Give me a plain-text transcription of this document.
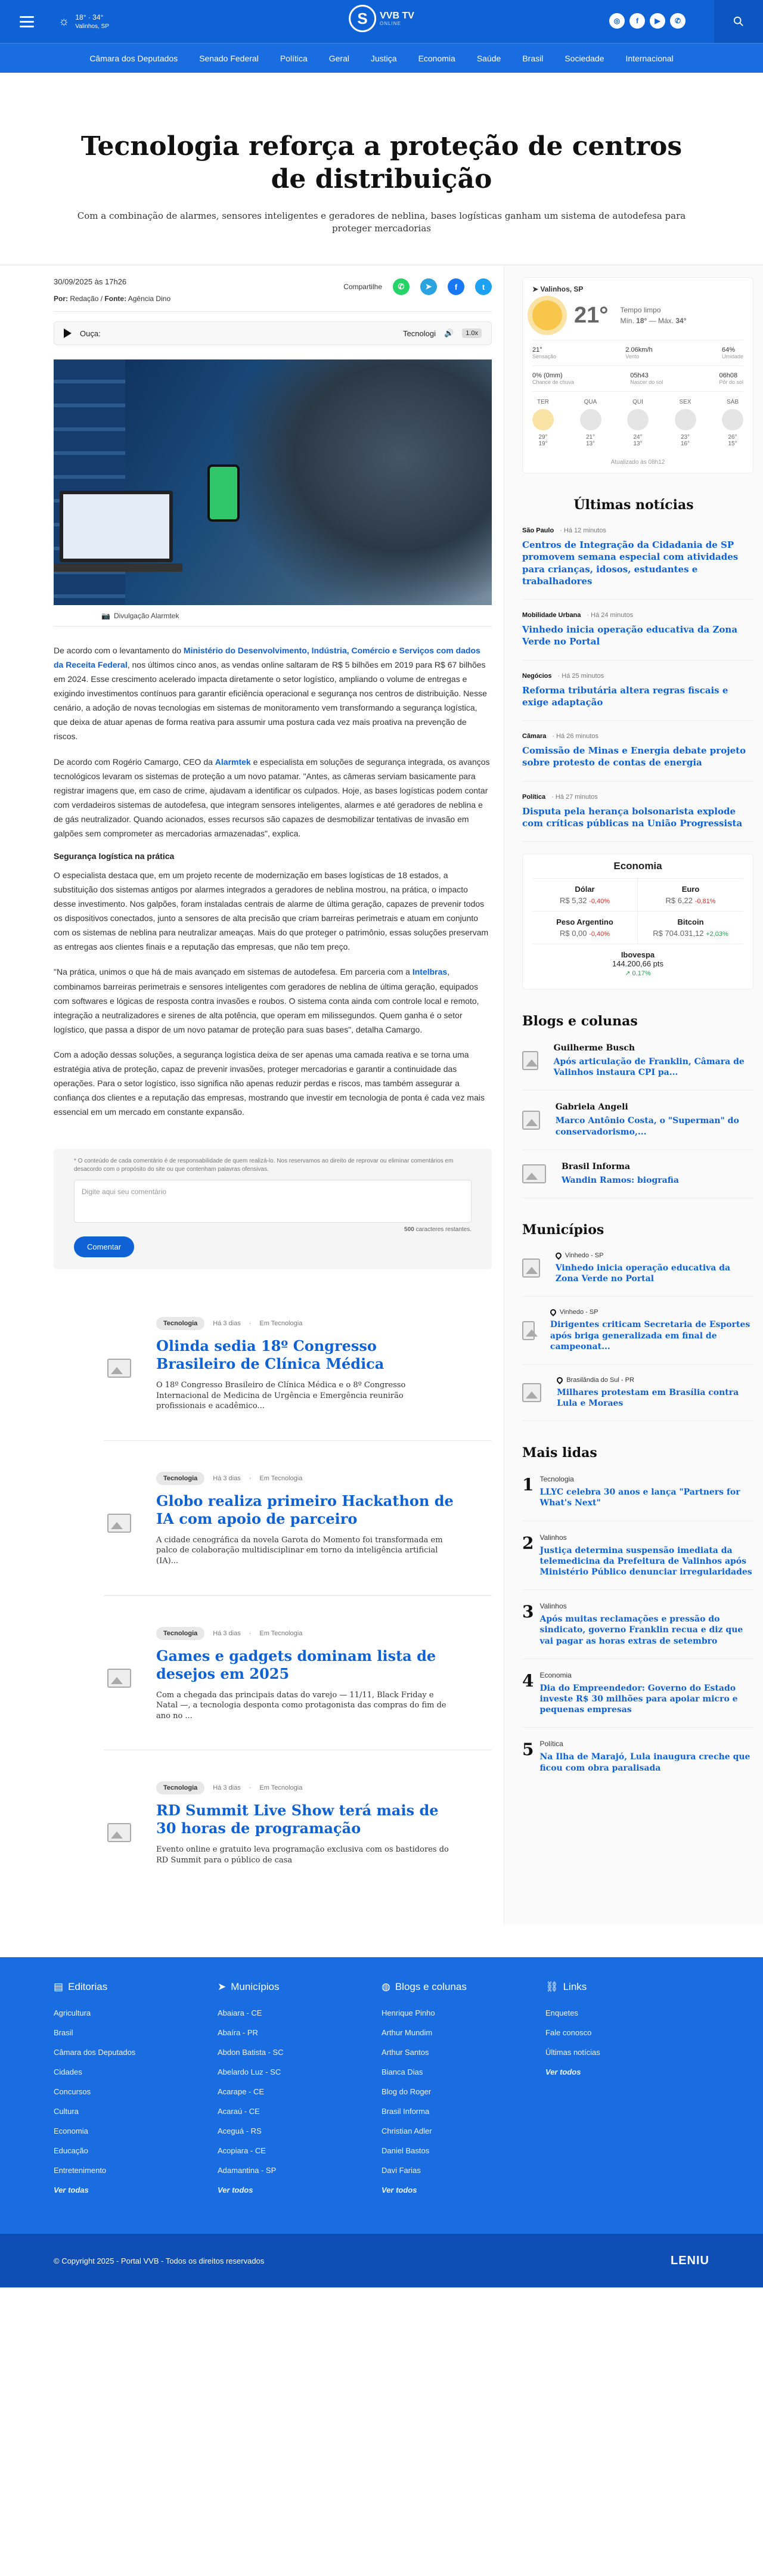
☼ 18° · 34°
Valinhos, SP	S	VVB TV
ONLINE	◎	f	▶	✆
Câmara dos Deputados	Senado Federal	Política	Geral	Justiça	Economia	Saúde	Brasil	Sociedade	Internacional
Tecnologia reforça a proteção de centros de distribuição

Com a combinação de alarmes, sensores inteligentes e geradores de neblina, bases logísticas ganham um sistema de autodefesa para proteger mercadorias

30/09/2025 às 17h26
Por: Redação / Fonte: Agência Dino
Compartilhe	✆	➤	f	t
Ouça:	Tecnologi 🔊	1.0x
📷 Divulgação Alarmtek

De acordo com o levantamento do Ministério do Desenvolvimento, Indústria, Comércio e Serviços com dados da Receita Federal, nos últimos cinco anos, as vendas online saltaram de R$ 5 bilhões em 2019 para R$ 67 bilhões em 2024. Esse crescimento acelerado impacta diretamente o setor logístico, ampliando o volume de entregas e exigindo investimentos contínuos para garantir eficiência operacional e segurança nos centros de distribuição. Nesse cenário, a adoção de novas tecnologias em sistemas de monitoramento vem transformando a segurança logística, que deixa de atuar apenas de forma reativa para assumir uma postura cada vez mais proativa na prevenção de riscos.

De acordo com Rogério Camargo, CEO da Alarmtek e especialista em soluções de segurança integrada, os avanços tecnológicos levaram os sistemas de proteção a um novo patamar. "Antes, as câmeras serviam basicamente para registrar imagens que, em caso de crime, ajudavam a identificar os culpados. Hoje, as bases logísticas podem contar com verdadeiros sistemas de autodefesa, que integram sensores inteligentes, alarmes e até geradores de neblina e de gás neutralizador. Quando acionados, esses recursos são capazes de desmobilizar tentativas de invasão em galpões sem comprometer as mercadorias armazenadas", explica.

Segurança logística na prática

O especialista destaca que, em um projeto recente de modernização em bases logísticas de 18 estados, a substituição dos sistemas antigos por alarmes integrados a geradores de neblina mostrou, na prática, o impacto desse investimento. Nos galpões, foram instaladas centrais de alarme de última geração, capazes de prevenir todos os dispositivos conectados, junto a sensores de alta precisão que criam barreiras perimetrais e atuam em conjunto com os sistemas de neblina para neutralizar ameaças. Mais do que proteger o patrimônio, essas soluções preservam as entregas aos clientes finais e a reputação das empresas, que não tem preço.

"Na prática, unimos o que há de mais avançado em sistemas de autodefesa. Em parceria com a Intelbras, combinamos barreiras perimetrais e sensores inteligentes com geradores de neblina de última geração, equipados com softwares e lógicas de resposta contra invasões e roubos. O sistema conta ainda com controle local e remoto, integração a neutralizadores e sirenes de alta potência, que operam em milissegundos. Quem ganha é o setor logístico, que passa a dispor de um novo patamar de proteção para suas bases", detalha Camargo.

Com a adoção dessas soluções, a segurança logística deixa de ser apenas uma camada reativa e se torna uma estratégia ativa de proteção, capaz de prevenir invasões, proteger mercadorias e garantir a continuidade das operações. Para o setor logístico, isso significa não apenas reduzir perdas e riscos, mas também assegurar a confiança dos clientes e a reputação das empresas, mostrando que investir em tecnologia de ponta é cada vez mais essencial em um mercado em constante expansão.

* O conteúdo de cada comentário é de responsabilidade de quem realizá-lo. Nos reservamos ao direito de reprovar ou eliminar comentários em desacordo com o propósito do site ou que contenham palavras ofensivas.
Digite aqui seu comentário
500 caracteres restantes.
Comentar
Tecnologia	Há 3 dias · Em Tecnologia
Olinda sedia 18º Congresso Brasileiro de Clínica Médica

O 18º Congresso Brasileiro de Clínica Médica e o 8º Congresso Internacional de Medicina de Urgência e Emergência reunirão profissionais e acadêmico...

Tecnologia	Há 3 dias · Em Tecnologia
Globo realiza primeiro Hackathon de IA com apoio de parceiro

A cidade cenográfica da novela Garota do Momento foi transformada em palco de colaboração multidisciplinar em torno da inteligência artificial (IA)...

Tecnologia	Há 3 dias · Em Tecnologia
Games e gadgets dominam lista de desejos em 2025

Com a chegada das principais datas do varejo — 11/11, Black Friday e Natal —, a tecnologia desponta como protagonista das compras do fim de ano no ...

Tecnologia	Há 3 dias · Em Tecnologia
RD Summit Live Show terá mais de 30 horas de programação

Evento online e gratuito leva programação exclusiva com os bastidores do RD Summit para o público de casa

➤ Valinhos, SP
21° Tempo limpo
Mín. 18° — Máx. 34°
21°
Sensação
2.06km/h
Vento
64%
Umidade
0% (0mm)
Chance de chuva
05h43
Nascer do sol
06h08
Pôr do sol
TER
29°
19°
QUA
21°
13°
QUI
24°
13°
SEX
23°
16°
SÁB
26°
15°
Atualizado às 08h12
Últimas notícias
São Paulo · Há 12 minutos
Centros de Integração da Cidadania de SP promovem semana especial com atividades para crianças, idosos, estudantes e trabalhadores
Mobilidade Urbana · Há 24 minutos
Vinhedo inicia operação educativa da Zona Verde no Portal
Negócios · Há 25 minutos
Reforma tributária altera regras fiscais e exige adaptação
Câmara · Há 26 minutos
Comissão de Minas e Energia debate projeto sobre protesto de contas de energia
Política · Há 27 minutos
Disputa pela herança bolsonarista explode com críticas públicas na União Progressista
Economia
Dólar
R$ 5,32 -0,40%
Euro
R$ 6,22 -0,81%
Peso Argentino
R$ 0,00 -0,40%
Bitcoin
R$ 704.031,12 +2,03%
Ibovespa
144.200,66 pts
↗ 0.17%
Blogs e colunas
Guilherme Busch

Após articulação de Franklin, Câmara de Valinhos instaura CPI pa...

Gabriela Angeli

Marco Antônio Costa, o "Superman" do conservadorismo,...

Brasil Informa

Wandin Ramos: biografia

Municípios
Vinhedo - SP

Vinhedo inicia operação educativa da Zona Verde no Portal

Vinhedo - SP

Dirigentes criticam Secretaria de Esportes após briga generalizada em final de campeonat...

Brasilândia do Sul - PR

Milhares protestam em Brasília contra Lula e Moraes

Mais lidas
1 Tecnologia

LLYC celebra 30 anos e lança "Partners for What's Next"

2 Valinhos

Justiça determina suspensão imediata da telemedicina da Prefeitura de Valinhos após Ministério Público denunciar irregularidades

3 Valinhos

Após muitas reclamações e pressão do sindicato, governo Franklin recua e diz que vai pagar as horas extras de setembro

4 Economia

Dia do Empreendedor: Governo do Estado investe R$ 30 milhões para apoiar micro e pequenas empresas

5 Política

Na Ilha de Marajó, Lula inaugura creche que ficou com obra paralisada

▤ Editorias
Agricultura
Brasil
Câmara dos Deputados
Cidades
Concursos
Cultura
Economia
Educação
Entretenimento
Ver todas
➤ Municípios
Abaiara - CE
Abaíra - PR
Abdon Batista - SC
Abelardo Luz - SC
Acarape - CE
Acaraú - CE
Aceguá - RS
Acopiara - CE
Adamantina - SP
Ver todos
◍ Blogs e colunas
Henrique Pinho
Arthur Mundim
Arthur Santos
Bianca Dias
Blog do Roger
Brasil Informa
Christian Adler
Daniel Bastos
Davi Farias
Ver todos
⛓ Links
Enquetes
Fale conosco
Últimas notícias
Ver todos
© Copyright 2025 - Portal VVB - Todos os direitos reservados	LENIU
